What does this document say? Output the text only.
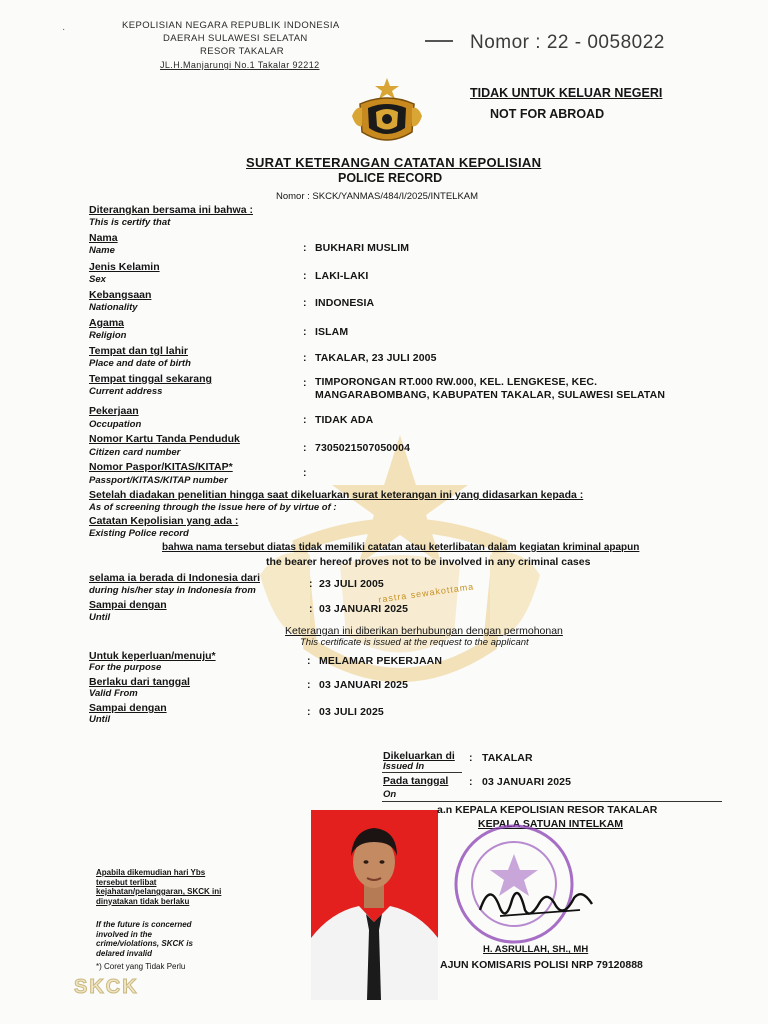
KEPOLISIAN NEGARA REPUBLIK INDONESIA
DAERAH SULAWESI SELATAN
RESOR TAKALAR
JL.H.Manjarungi No.1 Takalar 92212
Nomor : 22 - 0058022
·
TIDAK UNTUK KELUAR NEGERI
NOT FOR ABROAD
SURAT KETERANGAN CATATAN KEPOLISIAN
POLICE RECORD
Nomor : SKCK/YANMAS/484/I/2025/INTELKAM
rastra sewakottama
Diterangkan bersama ini bahwa :
This is certify that
Nama
Name	: BUKHARI MUSLIM
Jenis Kelamin
Sex	: LAKI-LAKI
Kebangsaan
Nationality	: INDONESIA
Agama
Religion	: ISLAM
Tempat dan tgl lahir
Place and date of birth	: TAKALAR, 23 JULI 2005
Tempat tinggal sekarang
Current address
: TIMPORONGAN RT.000 RW.000, KEL. LENGKESE, KEC.
MANGARABOMBANG, KABUPATEN TAKALAR, SULAWESI SELATAN
Pekerjaan
Occupation	: TIDAK ADA
Nomor Kartu Tanda Penduduk
Citizen card number	: 7305021507050004
Nomor Paspor/KITAS/KITAP*
Passport/KITAS/KITAP number
:
Setelah diadakan penelitian hingga saat dikeluarkan surat keterangan ini yang didasarkan kepada :
As of screening through the issue here of by virtue of :
Catatan Kepolisian yang ada :
Existing Police record
bahwa nama tersebut diatas tidak memiliki catatan atau keterlibatan dalam kegiatan kriminal apapun
the bearer hereof proves not to be involved in any criminal cases
selama ia berada di Indonesia dari
during his/her stay in Indonesia from
: 23 JULI 2005
Sampai dengan
Until
: 03 JANUARI 2025
Keterangan ini diberikan berhubungan dengan permohonan
This certificate is issued at the request to the applicant
Untuk keperluan/menuju*
For the purpose
: MELAMAR PEKERJAAN
Berlaku dari tanggal
Valid From
: 03 JANUARI 2025
Sampai dengan
Until
: 03 JULI 2025
Dikeluarkan di
Issued In
: TAKALAR
Pada tanggal
On
: 03 JANUARI 2025
a.n KEPALA KEPOLISIAN RESOR TAKALAR
KEPALA SATUAN INTELKAM
H. ASRULLAH, SH., MH
AJUN KOMISARIS POLISI NRP 79120888
Apabila dikemudian hari Ybs tersebut terlibat kejahatan/pelanggaran, SKCK ini dinyatakan tidak berlaku
If the future is concerned involved in the crime/violations, SKCK is delared invalid
*) Coret yang Tidak Perlu
SKCK
